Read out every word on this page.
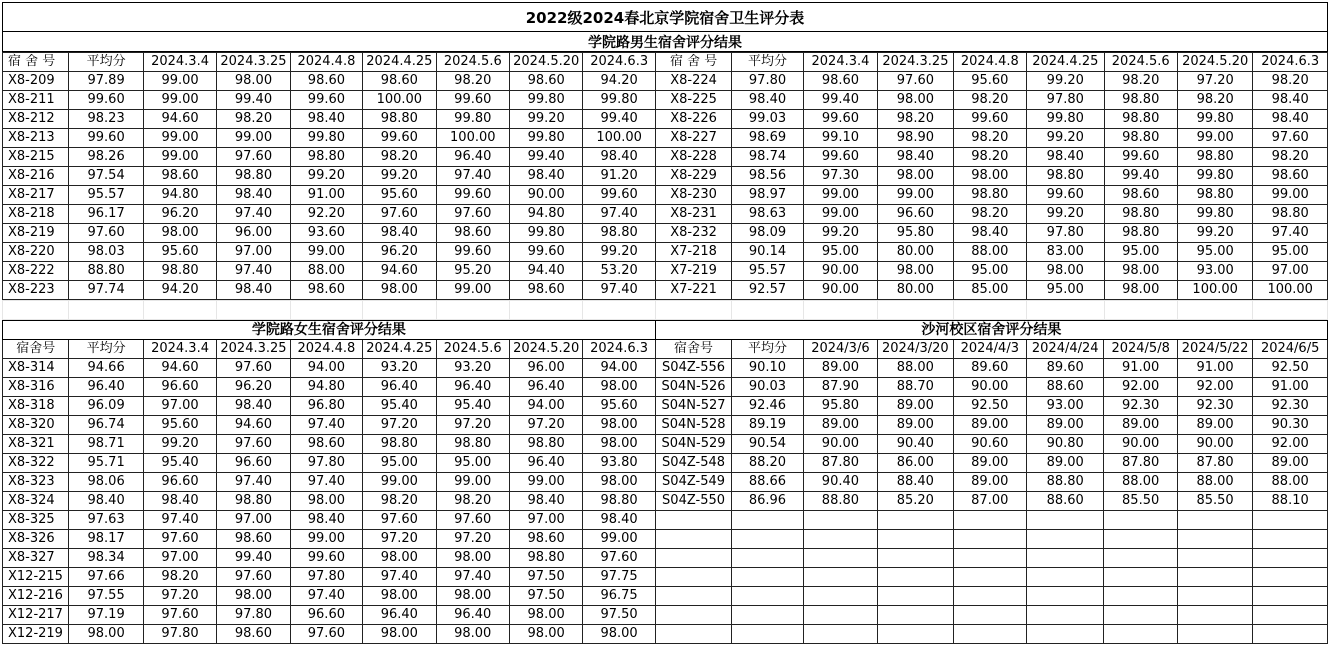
2022级2024春北京学院宿舍卫生评分表
学院路男生宿舍评分结果
宿 舍 号	平均分	2024.3.4	2024.3.25	2024.4.8	2024.4.25	2024.5.6	2024.5.20	2024.6.3	宿 舍 号	平均分	2024.3.4	2024.3.25	2024.4.8	2024.4.25	2024.5.6	2024.5.20	2024.6.3
X8-209	97.89	99.00	98.00	98.60	98.60	98.20	98.60	94.20	X8-224	97.80	98.60	97.60	95.60	99.20	98.20	97.20	98.20
X8-211	99.60	99.00	99.40	99.60	100.00	99.60	99.80	99.80	X8-225	98.40	99.40	98.00	98.20	97.80	98.80	98.20	98.40
X8-212	98.23	94.60	98.20	98.40	98.80	99.80	99.20	99.40	X8-226	99.03	99.60	98.20	99.60	99.80	98.80	99.80	98.40
X8-213	99.60	99.00	99.00	99.80	99.60	100.00	99.80	100.00	X8-227	98.69	99.10	98.90	98.20	99.20	98.80	99.00	97.60
X8-215	98.26	99.00	97.60	98.80	98.20	96.40	99.40	98.40	X8-228	98.74	99.60	98.40	98.20	98.40	99.60	98.80	98.20
X8-216	97.54	98.60	98.80	99.20	99.20	97.40	98.40	91.20	X8-229	98.56	97.30	98.00	98.00	98.80	99.40	99.80	98.60
X8-217	95.57	94.80	98.40	91.00	95.60	99.60	90.00	99.60	X8-230	98.97	99.00	99.00	98.80	99.60	98.60	98.80	99.00
X8-218	96.17	96.20	97.40	92.20	97.60	97.60	94.80	97.40	X8-231	98.63	99.00	96.60	98.20	99.20	98.80	99.80	98.80
X8-219	97.60	98.00	96.00	93.60	98.40	98.60	99.80	98.80	X8-232	98.09	99.20	95.80	98.40	97.80	98.80	99.20	97.40
X8-220	98.03	95.60	97.00	99.00	96.20	99.60	99.60	99.20	X7-218	90.14	95.00	80.00	88.00	83.00	95.00	95.00	95.00
X8-222	88.80	98.80	97.40	88.00	94.60	95.20	94.40	53.20	X7-219	95.57	90.00	98.00	95.00	98.00	98.00	93.00	97.00
X8-223	97.74	94.20	98.40	98.60	98.00	99.00	98.60	97.40	X7-221	92.57	90.00	80.00	85.00	95.00	98.00	100.00	100.00

学院路女生宿舍评分结果									沙河校区宿舍评分结果								
宿舍号	平均分	2024.3.4	2024.3.25	2024.4.8	2024.4.25	2024.5.6	2024.5.20	2024.6.3	宿舍号	平均分	2024/3/6	2024/3/20	2024/4/3	2024/4/24	2024/5/8	2024/5/22	2024/6/5
X8-314	94.66	94.60	97.60	94.00	93.20	93.20	96.00	94.00	S04Z-556	90.10	89.00	88.00	89.60	89.60	91.00	91.00	92.50
X8-316	96.40	96.60	96.20	94.80	96.40	96.40	96.40	98.00	S04N-526	90.03	87.90	88.70	90.00	88.60	92.00	92.00	91.00
X8-318	96.09	97.00	98.40	96.80	95.40	95.40	94.00	95.60	S04N-527	92.46	95.80	89.00	92.50	93.00	92.30	92.30	92.30
X8-320	96.74	95.60	94.60	97.40	97.20	97.20	97.20	98.00	S04N-528	89.19	89.00	89.00	89.00	89.00	89.00	89.00	90.30
X8-321	98.71	99.20	97.60	98.60	98.80	98.80	98.80	98.00	S04N-529	90.54	90.00	90.40	90.60	90.80	90.00	90.00	92.00
X8-322	95.71	95.40	96.60	97.80	95.00	95.00	96.40	93.80	S04Z-548	88.20	87.80	86.00	89.00	89.00	87.80	87.80	89.00
X8-323	98.06	96.60	97.40	97.40	99.00	99.00	99.00	98.00	S04Z-549	88.66	90.40	88.40	89.00	88.80	88.00	88.00	88.00
X8-324	98.40	98.40	98.80	98.00	98.20	98.20	98.40	98.80	S04Z-550	86.96	88.80	85.20	87.00	88.60	85.50	85.50	88.10
X8-325	97.63	97.40	97.00	98.40	97.60	97.60	97.00	98.40									
X8-326	98.17	97.60	98.60	99.00	97.20	97.20	98.60	99.00									
X8-327	98.34	97.00	99.40	99.60	98.00	98.00	98.80	97.60									
X12-215	97.66	98.20	97.60	97.80	97.40	97.40	97.50	97.75									
X12-216	97.55	97.20	98.00	97.40	98.00	98.00	97.50	96.75									
X12-217	97.19	97.60	97.80	96.60	96.40	96.40	98.00	97.50									
X12-219	98.00	97.80	98.60	97.60	98.00	98.00	98.00	98.00									
